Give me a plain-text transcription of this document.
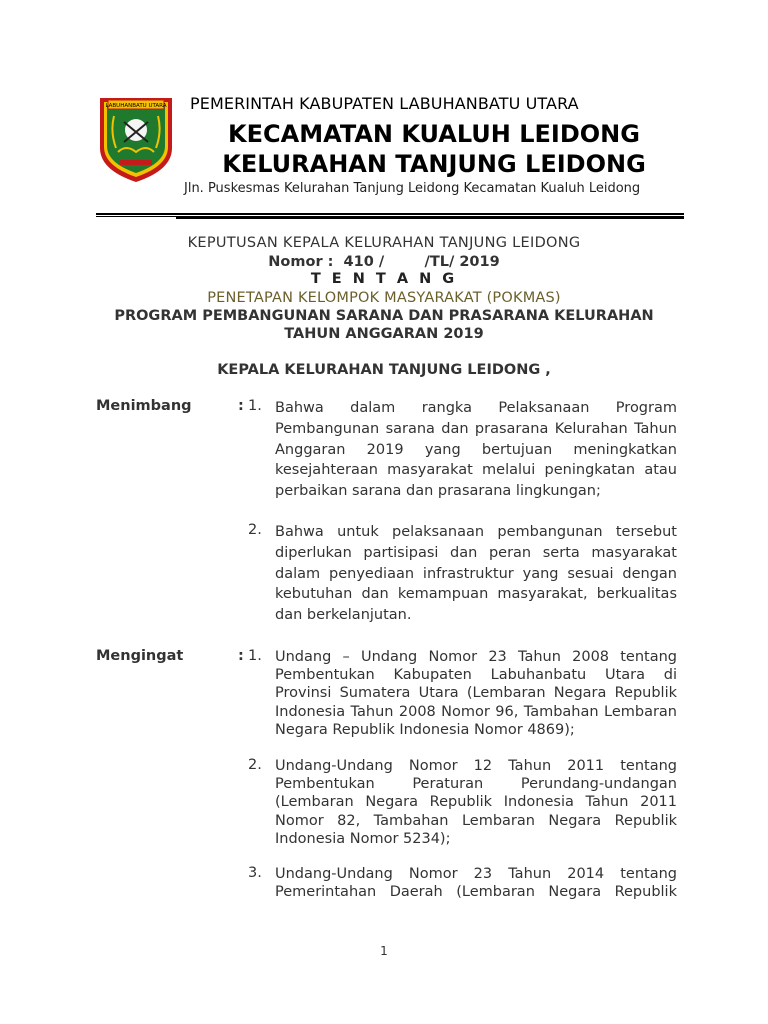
LABUHANBATU UTARA PEMERINTAH KABUPATEN LABUHANBATU UTARA
KECAMATAN KUALUH LEIDONG
KELURAHAN TANJUNG LEIDONG
Jln. Puskesmas Kelurahan Tanjung Leidong Kecamatan Kualuh Leidong
KEPUTUSAN KEPALA KELURAHAN TANJUNG LEIDONG
Nomor :  410 /        /TL/ 2019
T E N T A N G
PENETAPAN KELOMPOK MASYARAKAT (POKMAS)
PROGRAM PEMBANGUNAN SARANA DAN PRASARANA KELURAHAN
TAHUN ANGGARAN 2019
KEPALA KELURAHAN TANJUNG LEIDONG ,
Menimbang	: 1. Bahwa dalam rangka Pelaksanaan Program Pembangunan sarana dan prasarana Kelurahan Tahun Anggaran 2019 yang bertujuan meningkatkan kesejahteraan masyarakat melalui peningkatan atau perbaikan sarana dan prasarana lingkungan;
2. Bahwa untuk pelaksanaan pembangunan tersebut diperlukan partisipasi dan peran serta masyarakat dalam penyediaan infrastruktur yang sesuai dengan kebutuhan dan kemampuan masyarakat, berkualitas dan berkelanjutan.
Mengingat	: 1. Undang – Undang Nomor 23 Tahun 2008 tentang Pembentukan Kabupaten Labuhanbatu Utara di Provinsi Sumatera Utara (Lembaran Negara Republik Indonesia Tahun 2008 Nomor 96, Tambahan Lembaran Negara Republik Indonesia Nomor 4869);
2. Undang-Undang Nomor 12 Tahun 2011 tentang Pembentukan Peraturan Perundang-undangan (Lembaran Negara Republik Indonesia Tahun 2011 Nomor 82, Tambahan Lembaran Negara Republik Indonesia Nomor 5234);
3. Undang-Undang Nomor 23 Tahun 2014 tentang Pemerintahan Daerah (Lembaran Negara Republik
1
